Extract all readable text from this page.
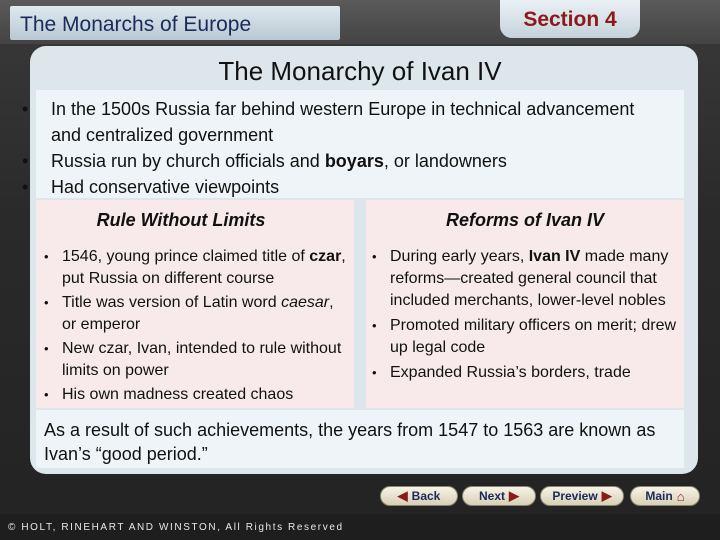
The Monarchs of Europe	Section 4
The Monarchy of Ivan IV
• In the 1500s Russia far behind western Europe in technical advancement and centralized government
• Russia run by church officials and boyars, or landowners
• Had conservative viewpoints
Rule Without Limits	Reforms of Ivan IV
• 1546, young prince claimed title of czar, put Russia on different course
• Title was version of Latin word caesar, or emperor
• New czar, Ivan, intended to rule without limits on power
• His own madness created chaos
• During early years, Ivan IV made many reforms—created general council that included merchants, lower-level nobles
• Promoted military officers on merit; drew up legal code
• Expanded Russia’s borders, trade
As a result of such achievements, the years from 1547 to 1563 are known as Ivan’s “good period.”
◀ Back	Next ▶	Preview ▶	Main ⌂
© HOLT, RINEHART AND WINSTON, All Rights Reserved
